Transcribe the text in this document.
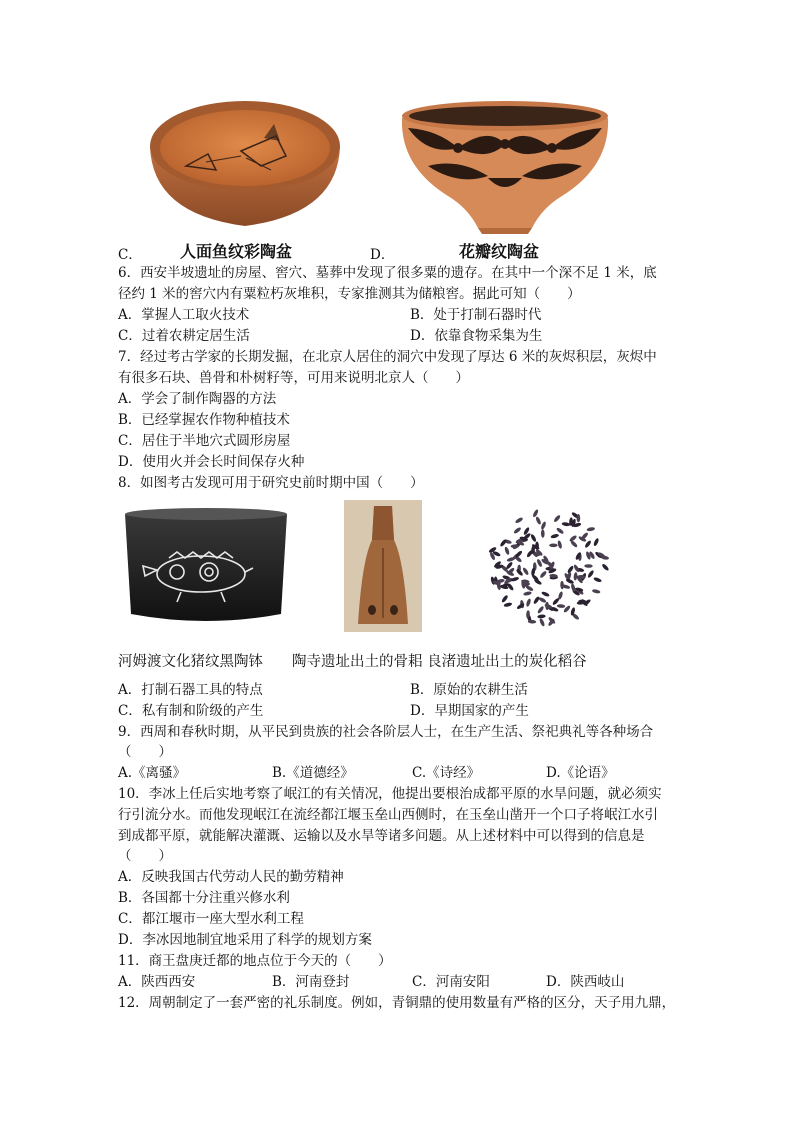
C． 人面鱼纹彩陶盆	D．	花瓣纹陶盆
6．西安半坡遗址的房屋、窖穴、墓葬中发现了很多粟的遗存。在其中一个深不足 1 米，底
径约 1 米的窖穴内有粟粒朽灰堆积，专家推测其为储粮窖。据此可知（　　）
A．掌握人工取火技术	B．处于打制石器时代
C．过着农耕定居生活	D．依靠食物采集为生
7．经过考古学家的长期发掘，在北京人居住的洞穴中发现了厚达 6 米的灰烬积层，灰烬中
有很多石块、兽骨和朴树籽等，可用来说明北京人（　　）
A．学会了制作陶器的方法
B．已经掌握农作物种植技术
C．居住于半地穴式圆形房屋
D．使用火并会长时间保存火种
8．如图考古发现可用于研究史前时期中国（　　）
河姆渡文化猪纹黑陶钵　　陶寺遗址出土的骨耜 良渚遗址出土的炭化稻谷
A．打制石器工具的特点	B．原始的农耕生活
C．私有制和阶级的产生	D．早期国家的产生
9．西周和春秋时期，从平民到贵族的社会各阶层人士，在生产生活、祭祀典礼等各种场合
（　　）
A.《离骚》	B.《道德经》	C.《诗经》	D.《论语》
10．李冰上任后实地考察了岷江的有关情况，他提出要根治成都平原的水旱问题，就必须实
行引流分水。而他发现岷江在流经都江堰玉垒山西侧时，在玉垒山凿开一个口子将岷江水引
到成都平原，就能解决灌溉、运输以及水旱等诸多问题。从上述材料中可以得到的信息是
（　　）
A．反映我国古代劳动人民的勤劳精神
B．各国都十分注重兴修水利
C．都江堰市一座大型水利工程
D．李冰因地制宜地采用了科学的规划方案
11．商王盘庚迁都的地点位于今天的（　　）
A．陕西西安	B．河南登封	C．河南安阳	D．陕西岐山
12．周朝制定了一套严密的礼乐制度。例如，青铜鼎的使用数量有严格的区分，天子用九鼎，
